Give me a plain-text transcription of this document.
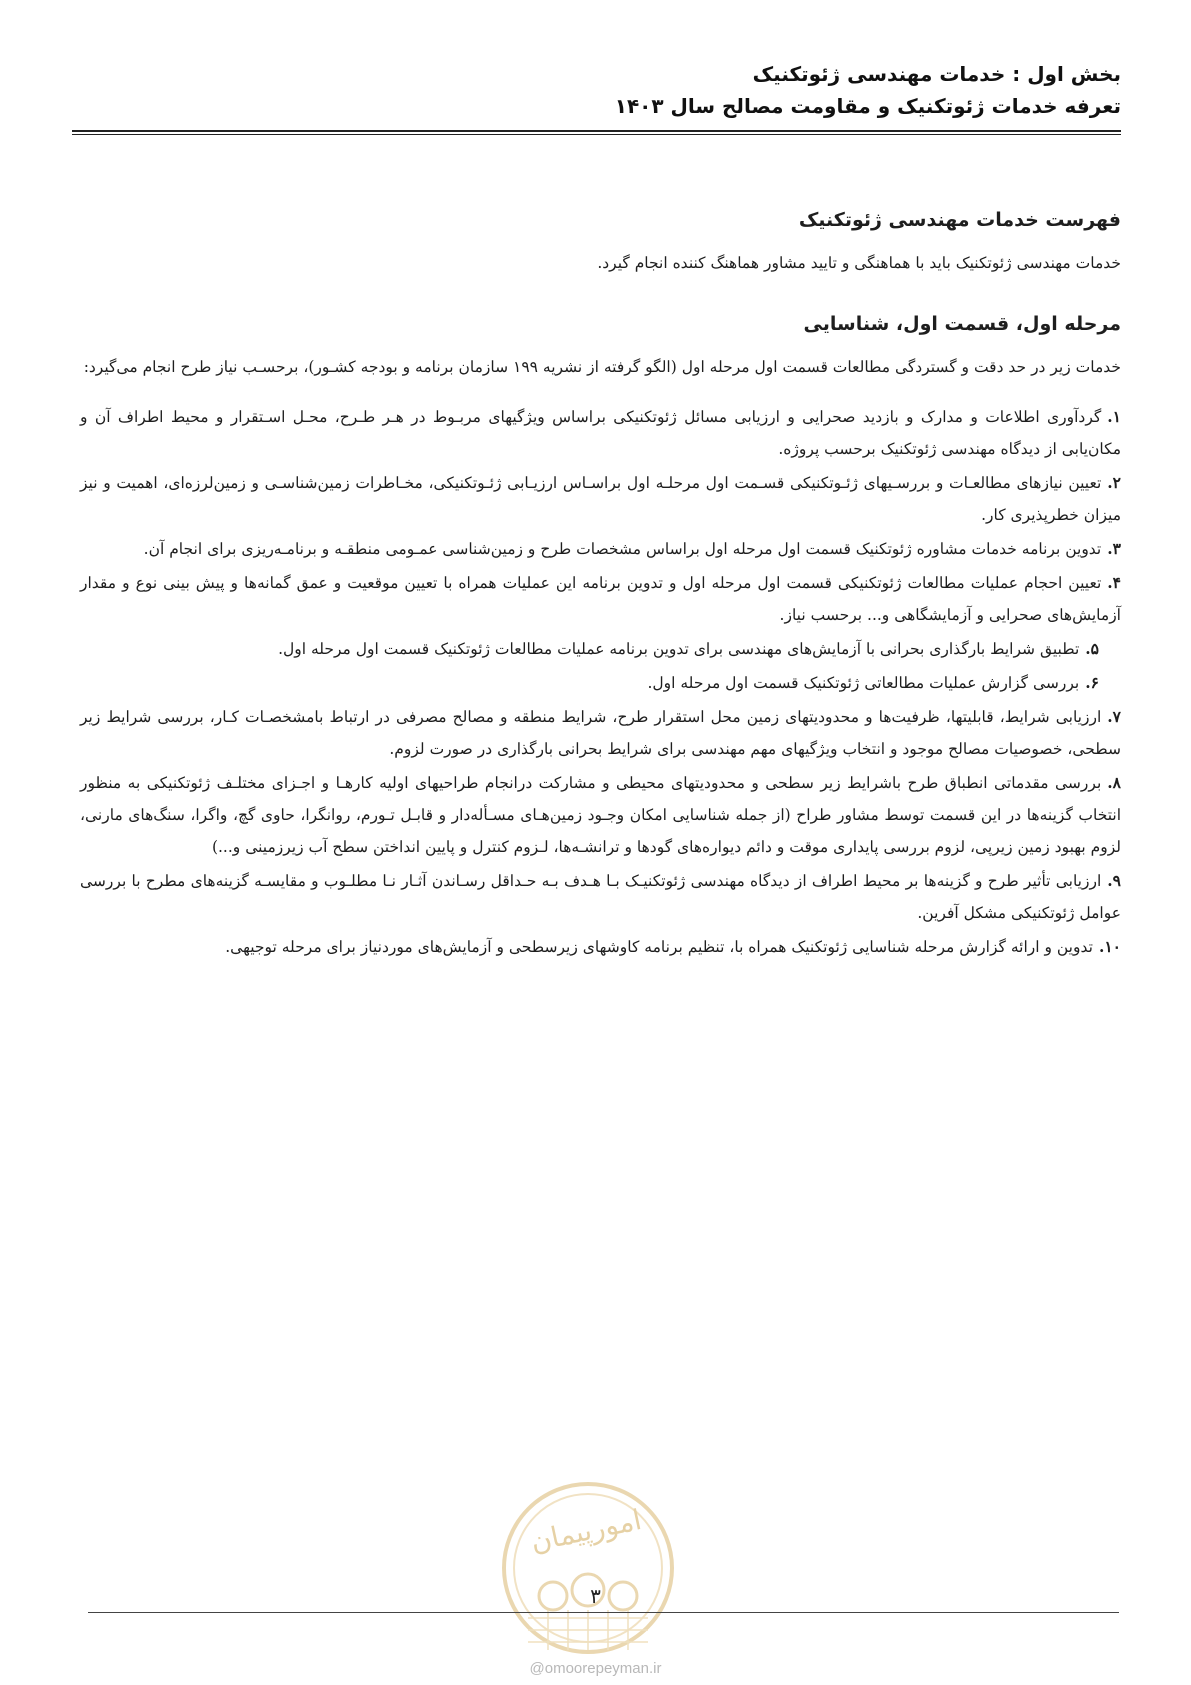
بخش اول : خدمات مهندسی ژئوتکنیک
تعرفه خدمات ژئوتکنیک و مقاومت مصالح سال ۱۴۰۳
فهرست خدمات مهندسی ژئوتکنیک

خدمات مهندسی ژئوتکنیک باید با هماهنگی و تایید مشاور هماهنگ کننده انجام گیرد.

مرحله اول، قسمت اول، شناسایی

خدمات زیر در حد دقت و گستردگی مطالعات قسمت اول مرحله اول (الگو گرفته از نشریه ۱۹۹ سازمان برنامه و بودجه کشـور)، برحسـب نیاز طرح انجام می‌گیرد:

۱.گردآوری اطلاعات و مدارک و بازدید صحرایی و ارزیابی مسائل ژئوتکنیکی براساس ویژگیهای مربـوط در هـر طـرح، محـل اسـتقرار و محیط اطراف آن و مکان‌یابی از دیدگاه مهندسی ژئوتکنیک برحسب پروژه.

۲.تعیین نیازهای مطالعـات و بررسـیهای ژئـوتکنیکی قسـمت اول مرحلـه اول براسـاس ارزیـابی ژئـوتکنیکی، مخـاطرات زمین‌شناسـی و زمین‌لرزه‌ای، اهمیت و نیز میزان خطرپذیری کار.

۳.تدوین برنامه خدمات مشاوره ژئوتکنیک قسمت اول مرحله اول براساس مشخصات طرح و زمین‌شناسی عمـومی منطقـه و برنامـه‌ریزی برای انجام آن.

۴.تعیین احجام عملیات مطالعات ژئوتکنیکی قسمت اول مرحله اول و تدوین برنامه این عملیات همراه با تعیین موقعیت و عمق گمانه‌ها و پیش بینی نوع و مقدار آزمایش‌های صحرایی و آزمایشگاهی و... برحسب نیاز.

۵.تطبیق شرایط بارگذاری بحرانی با آزمایش‌های مهندسی برای تدوین برنامه عملیات مطالعات ژئوتکنیک قسمت اول مرحله اول.

۶.بررسی گزارش عملیات مطالعاتی ژئوتکنیک قسمت اول مرحله اول.

۷.ارزیابی شرایط، قابلیتها، ظرفیت‌ها و محدودیتهای زمین محل استقرار طرح، شرایط منطقه و مصالح مصرفی در ارتباط بامشخصـات کـار، بررسی شرایط زیر سطحی، خصوصیات مصالح موجود و انتخاب ویژگیهای مهم مهندسی برای شرایط بحرانی بارگذاری در صورت لزوم.

۸.بررسی مقدماتی انطباق طرح باشرایط زیر سطحی و محدودیتهای محیطی و مشارکت درانجام طراحیهای اولیه کارهـا و اجـزای مختلـف ژئوتکنیکی به منظور انتخاب گزینه‌ها در این قسمت توسط مشاور طراح (از جمله شناسایی امکان وجـود زمین‌هـای مسـأله‌دار و قابـل تـورم، روانگرا، حاوی گچ، واگرا، سنگ‌های مارنی، لزوم بهبود زمین زیرپی، لزوم بررسی پایداری موقت و دائم دیواره‌های گودها و ترانشـه‌ها، لـزوم کنترل و پایین انداختن سطح آب زیرزمینی و...)

۹.ارزیابی تأثیر طرح و گزینه‌ها بر محیط اطراف از دیدگاه مهندسی ژئوتکنیـک بـا هـدف بـه حـداقل رسـاندن آثـار نـا مطلـوب و مقایسـه گزینه‌های مطرح با بررسی عوامل ژئوتکنیکی مشکل آفرین.

۱۰.تدوین و ارائه گزارش مرحله شناسایی ژئوتکنیک همراه با، تنظیم برنامه کاوشهای زیرسطحی و آزمایش‌های موردنیاز برای مرحله توجیهی.

امورپیمان
۳
@omoorepeyman.ir
